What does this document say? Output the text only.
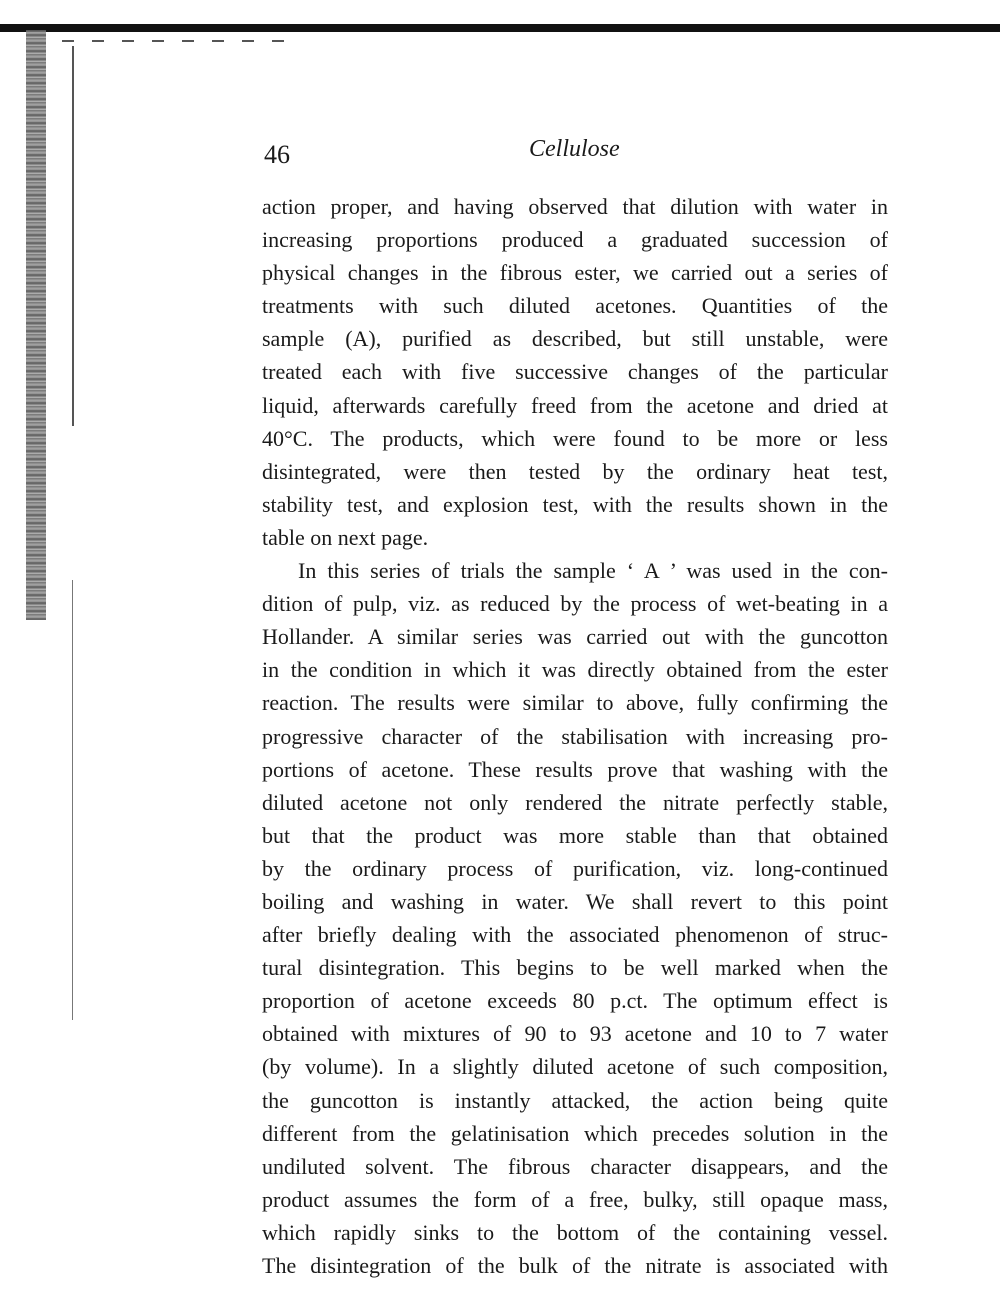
46	Cellulose
action proper, and having observed that dilution with water in
increasing proportions produced a graduated succession of
physical changes in the fibrous ester, we carried out a series of
treatments with such diluted acetones. Quantities of the
sample (A), purified as described, but still unstable, were
treated each with five successive changes of the particular
liquid, afterwards carefully freed from the acetone and dried at
40°C. The products, which were found to be more or less
disintegrated, were then tested by the ordinary heat test,
stability test, and explosion test, with the results shown in the
table on next page.
In this series of trials the sample ‘ A ’ was used in the con-
dition of pulp, viz. as reduced by the process of wet-beating in a
Hollander. A similar series was carried out with the guncotton
in the condition in which it was directly obtained from the ester
reaction. The results were similar to above, fully confirming the
progressive character of the stabilisation with increasing pro-
portions of acetone. These results prove that washing with the
diluted acetone not only rendered the nitrate perfectly stable,
but that the product was more stable than that obtained
by the ordinary process of purification, viz. long-continued
boiling and washing in water. We shall revert to this point
after briefly dealing with the associated phenomenon of struc-
tural disintegration. This begins to be well marked when the
proportion of acetone exceeds 80 p.ct. The optimum effect is
obtained with mixtures of 90 to 93 acetone and 10 to 7 water
(by volume). In a slightly diluted acetone of such composition,
the guncotton is instantly attacked, the action being quite
different from the gelatinisation which precedes solution in the
undiluted solvent. The fibrous character disappears, and the
product assumes the form of a free, bulky, still opaque mass,
which rapidly sinks to the bottom of the containing vessel.
The disintegration of the bulk of the nitrate is associated with
